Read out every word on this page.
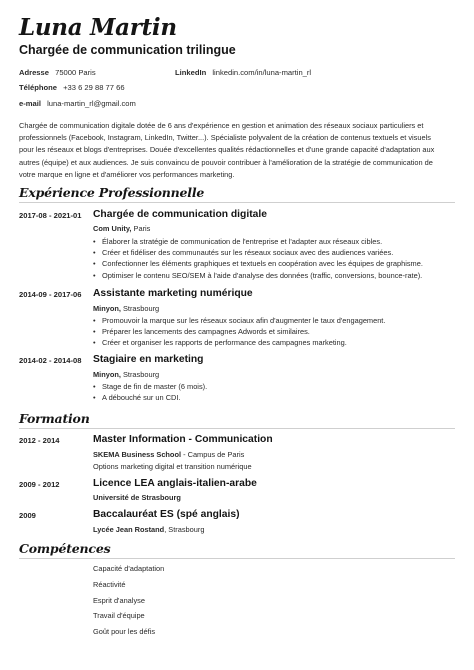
Luna Martin
Chargée de communication trilingue
Adresse 75000 Paris	LinkedIn linkedin.com/in/luna-martin_rl
Téléphone +33 6 29 88 77 66
e-mail luna-martin_rl@gmail.com
Chargée de communication digitale dotée de 6 ans d'expérience en gestion et animation des réseaux sociaux particuliers et professionnels (Facebook, Instagram, LinkedIn, Twitter...). Spécialiste polyvalent de la création de contenus textuels et visuels pour les réseaux et blogs d'entreprises. Douée d'excellentes qualités rédactionnelles et d'une grande capacité d'adaptation aux autres (équipe) et aux audiences. Je suis convaincu de pouvoir contribuer à l'amélioration de la stratégie de communication de votre marque en ligne et d'améliorer vos performances marketing.
Expérience Professionnelle
2017-08 - 2021-01 Chargée de communication digitale
Com Unity, Paris
• Élaborer la stratégie de communication de l'entreprise et l'adapter aux réseaux cibles.
• Créer et fidéliser des communautés sur les réseaux sociaux avec des audiences variées.
• Confectionner les éléments graphiques et textuels en coopération avec les équipes de graphisme.
• Optimiser le contenu SEO/SEM à l'aide d'analyse des données (traffic, conversions, bounce-rate).
2014-09 - 2017-06 Assistante marketing numérique
Minyon, Strasbourg
• Promouvoir la marque sur les réseaux sociaux afin d'augmenter le taux d'engagement.
• Préparer les lancements des campagnes Adwords et similaires.
• Créer et organiser les rapports de performance des campagnes marketing.
2014-02 - 2014-08 Stagiaire en marketing
Minyon, Strasbourg
• Stage de fin de master (6 mois).
• A débouché sur un CDI.
Formation
2012 - 2014	Master Information - Communication
SKEMA Business School - Campus de Paris
Options marketing digital et transition numérique
2009 - 2012	Licence LEA anglais-italien-arabe
Université de Strasbourg
2009	Baccalauréat ES (spé anglais)
Lycée Jean Rostand, Strasbourg
Compétences
Capacité d'adaptation
Réactivité
Esprit d'analyse
Travail d'équipe
Goût pour les défis
